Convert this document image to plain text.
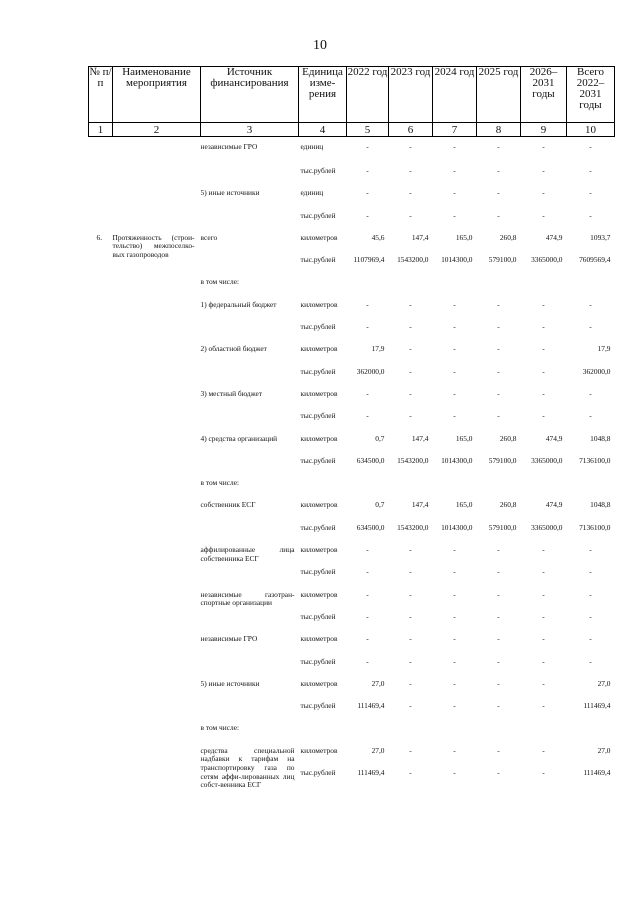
10
№ п/п	Наименование мероприятия	Источник финансирования	Единица изме-рения	2022 год	2023 год	2024 год	2025 год	2026–2031 годы	Всего 2022–2031 годы
1	2	3	4	5	6	7	8	9	10
		независимые ГРО	единиц	-	-	-	-	-	-
			тыс.рублей	-	-	-	-	-	-
		5) иные источники	единиц	-	-	-	-	-	-
			тыс.рублей	-	-	-	-	-	-
6.	Протяженность (строи-тельство) межпоселко-вых газопроводов	всего	километров	45,6	147,4	165,0	260,8	474,9	1093,7
			тыс.рублей	1107969,4	1543200,0	1014300,0	579100,0	3365000,0	7609569,4
		в том числе:							
		1) федеральный бюджет	километров	-	-	-	-	-	-
			тыс.рублей	-	-	-	-	-	-
		2) областной бюджет	километров	17,9	-	-	-	-	17,9
			тыс.рублей	362000,0	-	-	-	-	362000,0
		3) местный бюджет	километров	-	-	-	-	-	-
			тыс.рублей	-	-	-	-	-	-
		4) средства организаций	километров	0,7	147,4	165,0	260,8	474,9	1048,8
			тыс.рублей	634500,0	1543200,0	1014300,0	579100,0	3365000,0	7136100,0
		в том числе:							
		собственник ЕСГ	километров	0,7	147,4	165,0	260,8	474,9	1048,8
			тыс.рублей	634500,0	1543200,0	1014300,0	579100,0	3365000,0	7136100,0
		аффилированные лица собственника ЕСГ	километров	-	-	-	-	-	-
			тыс.рублей	-	-	-	-	-	-
		независимые газотран-спортные организации	километров	-	-	-	-	-	-
			тыс.рублей	-	-	-	-	-	-
		независимые ГРО	километров	-	-	-	-	-	-
			тыс.рублей	-	-	-	-	-	-
		5) иные источники	километров	27,0	-	-	-	-	27,0
			тыс.рублей	111469,4	-	-	-	-	111469,4
		в том числе:							
		средства специальной надбавки к тарифам на транспортировку газа по сетям аффи-лированных лиц собст-венника ЕСГ	километров	27,0	-	-	-	-	27,0
			тыс.рублей	111469,4	-	-	-	-	111469,4
